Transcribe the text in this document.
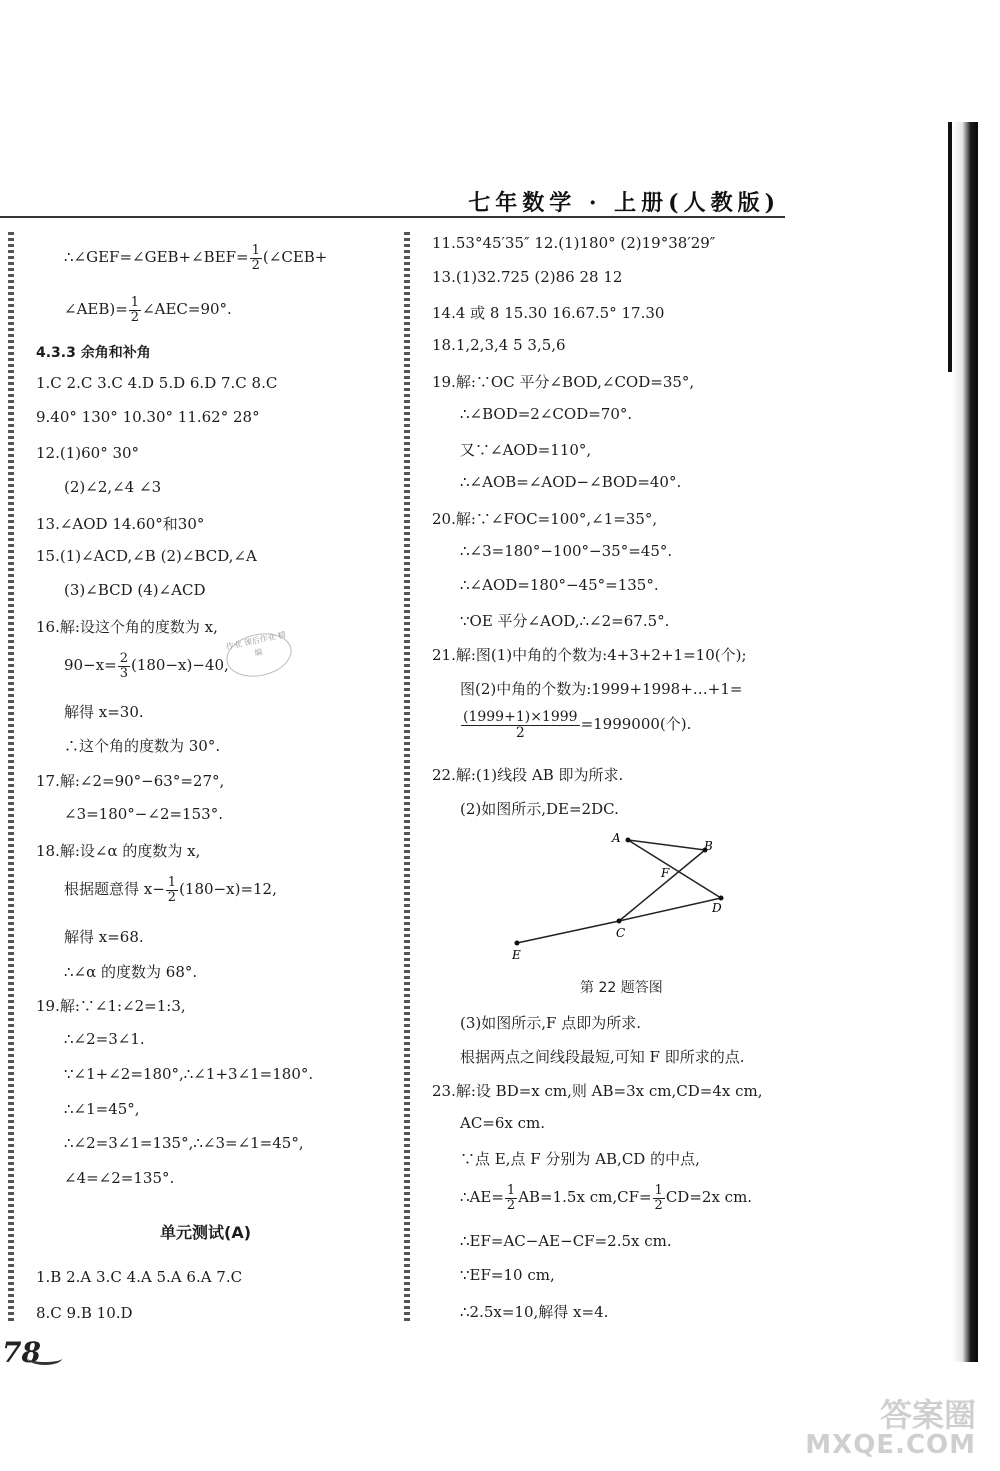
七年数学 · 上册(人教版)
∴∠GEF=∠GEB+∠BEF= $\frac{1}{2}$ (∠CEB+
∠AEB)= $\frac{1}{2}$ ∠AEC=90°.
4.3.3 余角和补角
1.C 2.C 3.C 4.D 5.D 6.D 7.C 8.C
9.40° 130° 10.30° 11.62° 28°
12.(1)60° 30°
(2)∠2,∠4 ∠3
13.∠AOD 14.60°和30°
15.(1)∠ACD,∠B (2)∠BCD,∠A
(3)∠BCD (4)∠ACD
16.解:设这个角的度数为 x,
$90-x= \frac{2}{3} (180-x)-40$,
解得 x=30.
∴这个角的度数为 30°.
17.解:∠2=90°−63°=27°,
∠3=180°−∠2=153°.
18.解:设∠α 的度数为 x,
根据题意得 $x- \frac{1}{2} (180-x)=12$,
解得 x=68.
∴∠α 的度数为 68°.
19.解:∵∠1:∠2=1:3,
∴∠2=3∠1.
∵∠1+∠2=180°,∴∠1+3∠1=180°.
∴∠1=45°,
∴∠2=3∠1=135°,∴∠3=∠1=45°,
∠4=∠2=135°.
单元测试(A)
1.B 2.A 3.C 4.A 5.A 6.A 7.C
8.C 9.B 10.D
作业 课后作业 精编
11.53°45′35″ 12.(1)180° (2)19°38′29″
13.(1)32.725 (2)86 28 12
14.4 或 8 15.30 16.67.5° 17.30
18.1,2,3,4 5 3,5,6
19.解:∵OC 平分∠BOD,∠COD=35°,
∴∠BOD=2∠COD=70°.
又∵∠AOD=110°,
∴∠AOB=∠AOD−∠BOD=40°.
20.解:∵∠FOC=100°,∠1=35°,
∴∠3=180°−100°−35°=45°.
∴∠AOD=180°−45°=135°.
∵OE 平分∠AOD,∴∠2=67.5°.
21.解:图(1)中角的个数为:4+3+2+1=10(个);
图(2)中角的个数为:1999+1998+…+1=
$\frac{(1999+1)\times 1999}{2} =1999000$(个).
22.解:(1)线段 AB 即为所求.
(2)如图所示,DE=2DC.
(3)如图所示,F 点即为所求.
根据两点之间线段最短,可知 F 即所求的点.
23.解:设 BD=x cm,则 AB=3x cm,CD=4x cm,
AC=6x cm.
∵点 E,点 F 分别为 AB,CD 的中点,
∴AE= $\frac{1}{2} AB=1.5x$ $cm,CF= \frac{1}{2} CD=2x$ cm.
∴EF=AC−AE−CF=2.5x cm.
∵EF=10 cm,
∴2.5x=10,解得 x=4.
A
B
D
C
E
F
第 22 题答图
78
答案圈
MXQE.COM
